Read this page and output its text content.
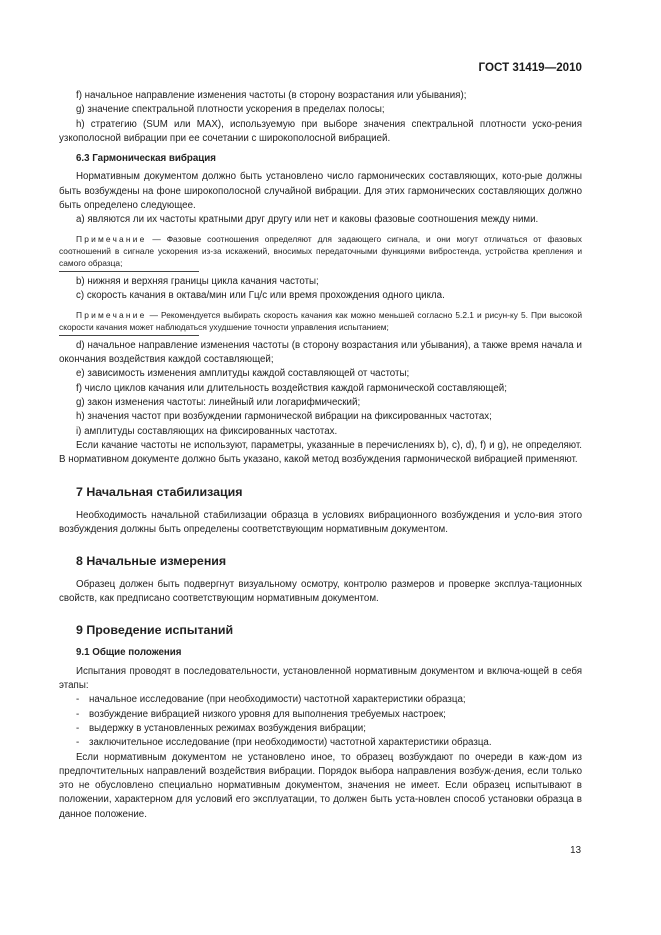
ГОСТ 31419—2010

f) начальное направление изменения частоты (в сторону возрастания или убывания);

g) значение спектральной плотности ускорения в пределах полосы;

h) стратегию (SUM или MAX), используемую при выборе значения спектральной плотности уско-рения узкополосной вибрации при ее сочетании с широкополосной вибрацией.

6.3 Гармоническая вибрация

Нормативным документом должно быть установлено число гармонических составляющих, кото-рые должны быть возбуждены на фоне широкополосной случайной вибрации. Для этих гармонических составляющих должно быть определено следующее.

а) являются ли их частоты кратными друг другу или нет и каковы фазовые соотношения между ними.

Примечание — Фазовые соотношения определяют для задающего сигнала, и они могут отличаться от фазовых соотношений в сигнале ускорения из-за искажений, вносимых передаточными функциями вибростенда, устройства крепления и самого образца;

b) нижняя и верхняя границы цикла качания частоты;

c) скорость качания в октава/мин или Гц/с или время прохождения одного цикла.

Примечание — Рекомендуется выбирать скорость качания как можно меньшей согласно 5.2.1 и рисун-ку 5. При высокой скорости качания может наблюдаться ухудшение точности управления испытанием;

d) начальное направление изменения частоты (в сторону возрастания или убывания), а также время начала и окончания воздействия каждой составляющей;

e) зависимость изменения амплитуды каждой составляющей от частоты;

f) число циклов качания или длительность воздействия каждой гармонической составляющей;

g) закон изменения частоты: линейный или логарифмический;

h) значения частот при возбуждении гармонической вибрации на фиксированных частотах;

i) амплитуды составляющих на фиксированных частотах.

Если качание частоты не используют, параметры, указанные в перечислениях b), c), d), f) и g), не определяют. В нормативном документе должно быть указано, какой метод возбуждения гармонической вибрацией применяют.

7 Начальная стабилизация

Необходимость начальной стабилизации образца в условиях вибрационного возбуждения и усло-вия этого возбуждения должны быть определены соответствующим нормативным документом.

8 Начальные измерения

Образец должен быть подвергнут визуальному осмотру, контролю размеров и проверке эксплуа-тационных свойств, как предписано соответствующим нормативным документом.

9 Проведение испытаний

9.1 Общие положения

Испытания проводят в последовательности, установленной нормативным документом и включа-ющей в себя этапы:

- начальное исследование (при необходимости) частотной характеристики образца;

- возбуждение вибрацией низкого уровня для выполнения требуемых настроек;

- выдержку в установленных режимах возбуждения вибрации;

- заключительное исследование (при необходимости) частотной характеристики образца.

Если нормативным документом не установлено иное, то образец возбуждают по очереди в каж-дом из предпочтительных направлений воздействия вибрации. Порядок выбора направления возбуж-дения, если только это не обусловлено специально нормативным документом, значения не имеет. Если образец испытывают в положении, характерном для условий его эксплуатации, то должен быть уста-новлен способ установки образца в данное положение.

13
